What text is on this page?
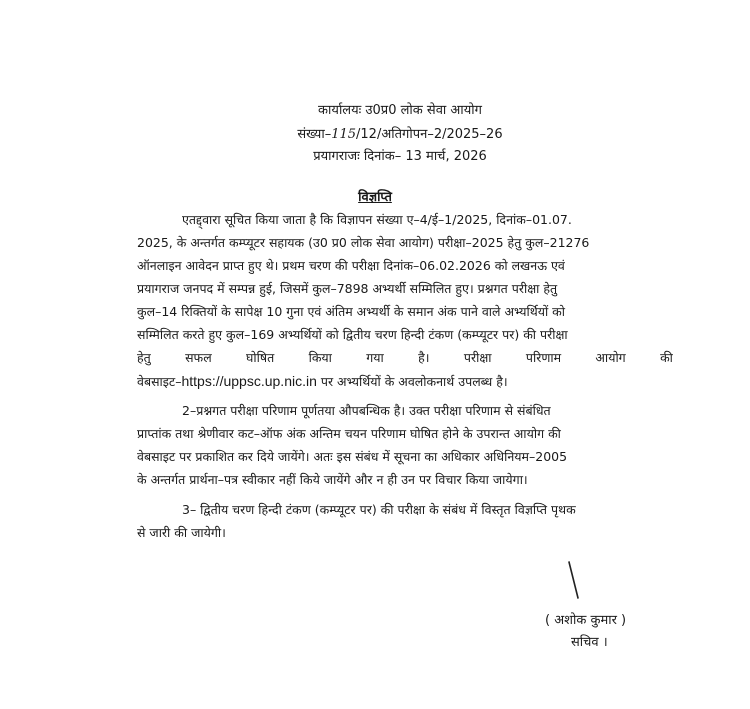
कार्यालयः उ0प्र0 लोक सेवा आयोग
संख्या–115/12/अतिगोपन–2/2025–26
प्रयागराजः दिनांक– 13 मार्च, 2026
विज्ञप्ति
एतद्द्वारा सूचित किया जाता है कि विज्ञापन संख्या ए–4/ई–1/2025, दिनांक–01.07.
2025, के अन्तर्गत कम्प्यूटर सहायक (उ0 प्र0 लोक सेवा आयोग) परीक्षा–2025 हेतु कुल–21276
ऑनलाइन आवेदन प्राप्त हुए थे। प्रथम चरण की परीक्षा दिनांक–06.02.2026 को लखनऊ एवं
प्रयागराज जनपद में सम्पन्न हुई, जिसमें कुल–7898 अभ्यर्थी सम्मिलित हुए। प्रश्नगत परीक्षा हेतु
कुल–14 रिक्तियों के सापेक्ष 10 गुना एवं अंतिम अभ्यर्थी के समान अंक पाने वाले अभ्यर्थियों को
सम्मिलित करते हुए कुल–169 अभ्यर्थियों को द्वितीय चरण हिन्दी टंकण (कम्प्यूटर पर) की परीक्षा
हेतु	सफल	घोषित	किया	गया	है।	परीक्षा	परिणाम	आयोग	की
वेबसाइट–https://uppsc.up.nic.in पर अभ्यर्थियों के अवलोकनार्थ उपलब्ध है।
2–प्रश्नगत परीक्षा परिणाम पूर्णतया औपबन्धिक है। उक्त परीक्षा परिणाम से संबंधित
प्राप्तांक तथा श्रेणीवार कट–ऑफ अंक अन्तिम चयन परिणाम घोषित होने के उपरान्त आयोग की
वेबसाइट पर प्रकाशित कर दिये जायेंगे। अतः इस संबंध में सूचना का अधिकार अधिनियम–2005
के अन्तर्गत प्रार्थना–पत्र स्वीकार नहीं किये जायेंगे और न ही उन पर विचार किया जायेगा।
3– द्वितीय चरण हिन्दी टंकण (कम्प्यूटर पर) की परीक्षा के संबंध में विस्तृत विज्ञप्ति पृथक
से जारी की जायेगी।
( अशोक कुमार )
सचिव ।
